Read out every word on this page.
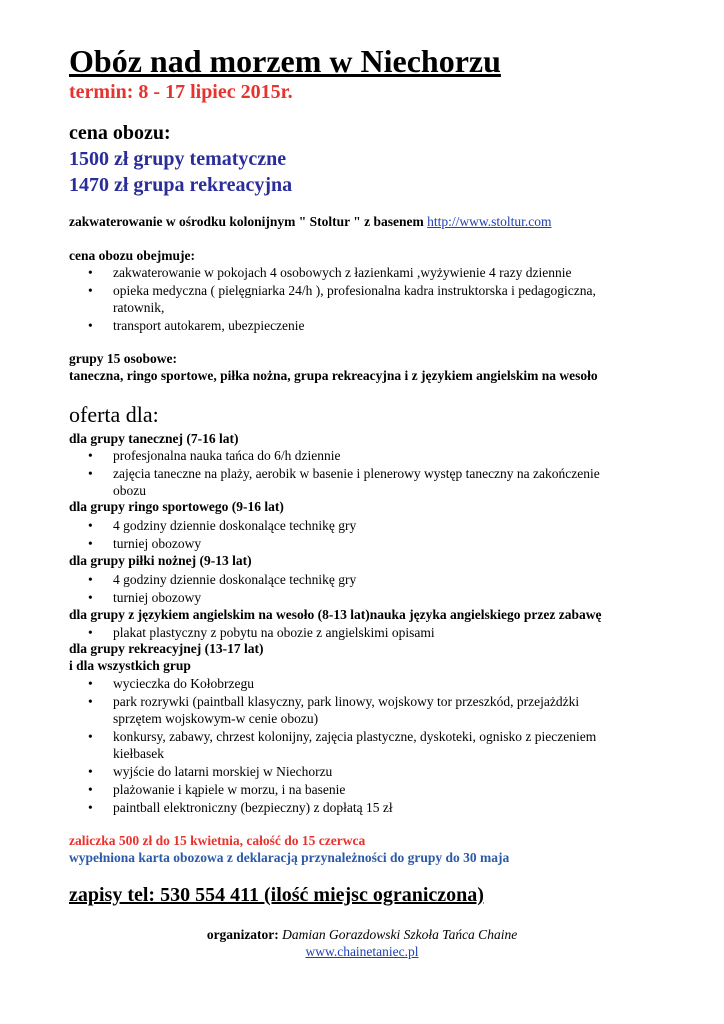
Obóz nad morzem w Niechorzu
termin: 8 - 17 lipiec 2015r.
cena obozu:
1500 zł grupy tematyczne
1470 zł grupa rekreacyjna
zakwaterowanie w ośrodku kolonijnym " Stoltur " z basenem http://www.stoltur.com
cena obozu obejmuje:
• zakwaterowanie w pokojach 4 osobowych z łazienkami ,wyżywienie 4 razy dziennie
• opieka medyczna ( pielęgniarka 24/h ), profesionalna kadra instruktorska i pedagogiczna,
ratownik,
• transport autokarem, ubezpieczenie
grupy 15 osobowe:
taneczna, ringo sportowe, piłka nożna, grupa rekreacyjna i z językiem angielskim na wesoło
oferta dla:
dla grupy tanecznej (7-16 lat)
• profesjonalna nauka tańca do 6/h dziennie
• zajęcia taneczne na plaży, aerobik w basenie i plenerowy występ taneczny na zakończenie
obozu
dla grupy ringo sportowego (9-16 lat)
• 4 godziny dziennie doskonalące technikę gry
• turniej obozowy
dla grupy piłki nożnej (9-13 lat)
• 4 godziny dziennie doskonalące technikę gry
• turniej obozowy
dla grupy z językiem angielskim na wesoło (8-13 lat)nauka języka angielskiego przez zabawę
• plakat plastyczny z pobytu na obozie z angielskimi opisami
dla grupy rekreacyjnej (13-17 lat)
i dla wszystkich grup
• wycieczka do Kołobrzegu
• park rozrywki (paintball klasyczny, park linowy, wojskowy tor przeszkód, przejażdżki
sprzętem wojskowym-w cenie obozu)
• konkursy, zabawy, chrzest kolonijny, zajęcia plastyczne, dyskoteki, ognisko z pieczeniem
kiełbasek
• wyjście do latarni morskiej w Niechorzu
• plażowanie i kąpiele w morzu, i na basenie
• paintball elektroniczny (bezpieczny) z dopłatą 15 zł
zaliczka 500 zł do 15 kwietnia, całość do 15 czerwca
wypełniona karta obozowa z deklaracją przynależności do grupy do 30 maja
zapisy tel: 530 554 411 (ilość miejsc ograniczona)
organizator: Damian Gorazdowski Szkoła Tańca Chaine
www.chainetaniec.pl
